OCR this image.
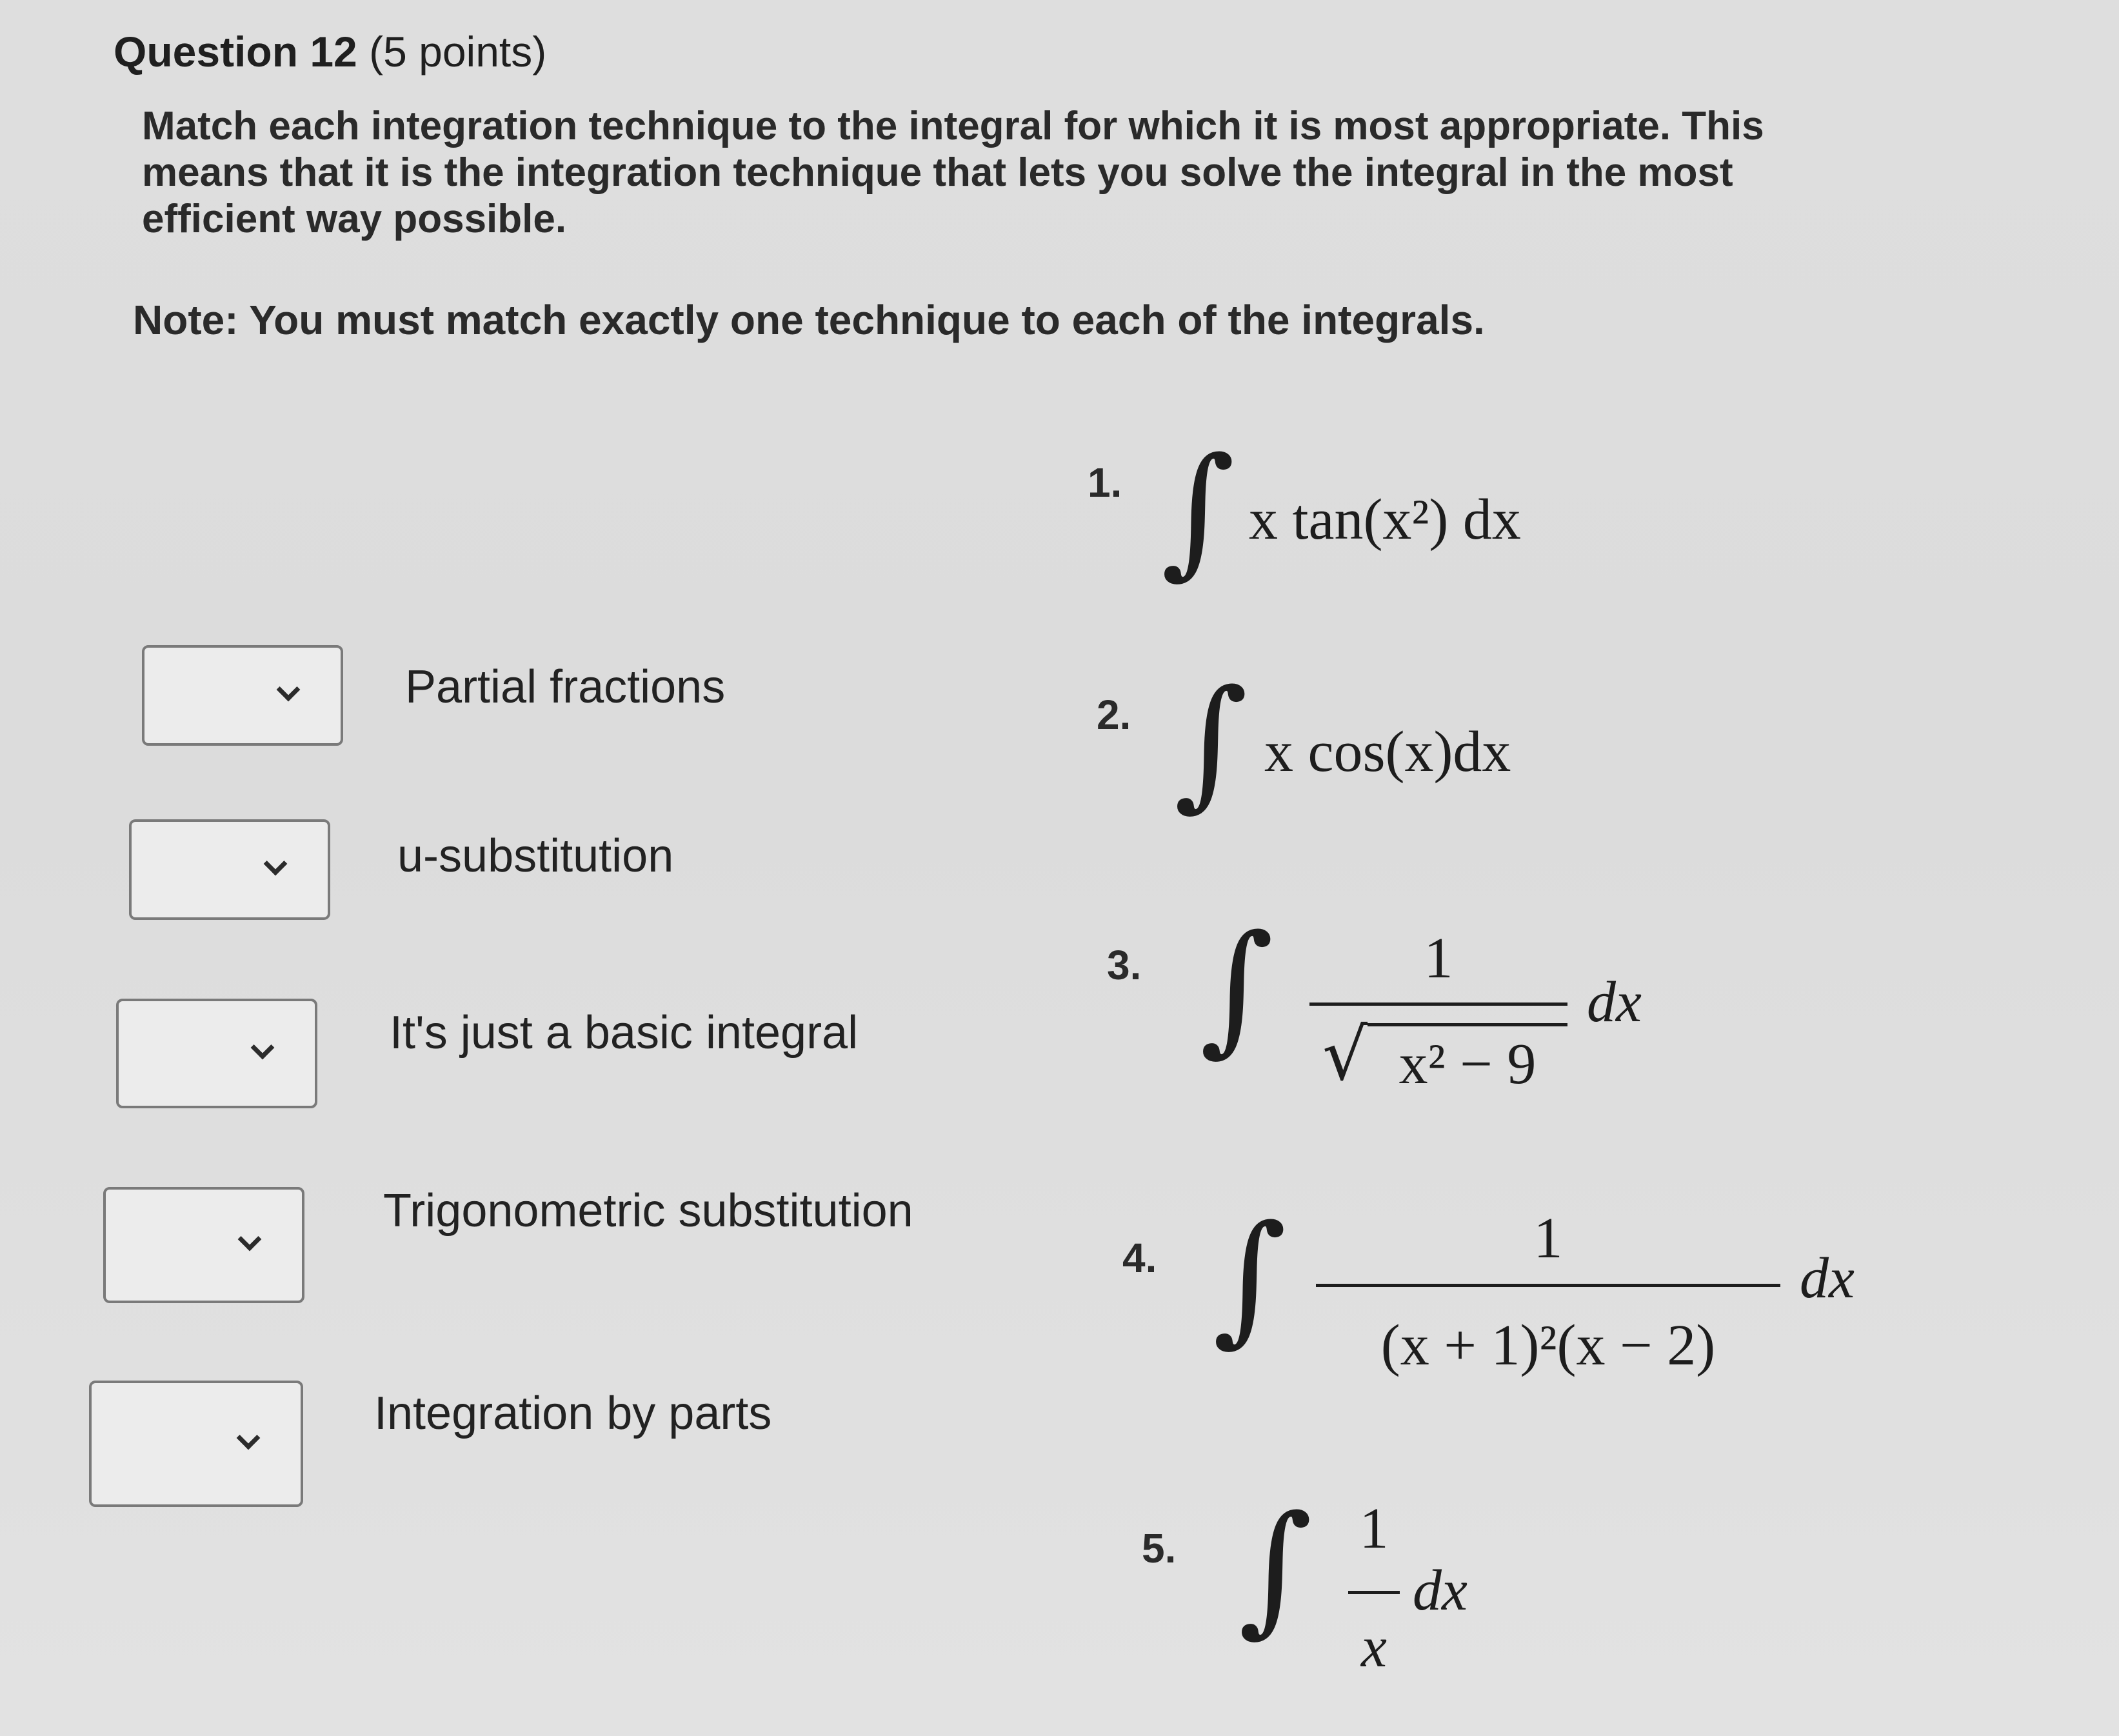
Question 12 (5 points)
Match each integration technique to the integral for which it is most appropriate. This means that it is the integration technique that lets you solve the integral in the most efficient way possible.
Note: You must match exactly one technique to each of the integrals.
Partial fractions
u-substitution
It's just a basic integral
Trigonometric substitution
Integration by parts
1. ∫ x tan(x²) dx
2. ∫ x cos(x)dx
3. ∫	1
√ x² − 9
dx
4. ∫	1
(x + 1)²(x − 2)
dx
5. ∫ 1
x
dx
